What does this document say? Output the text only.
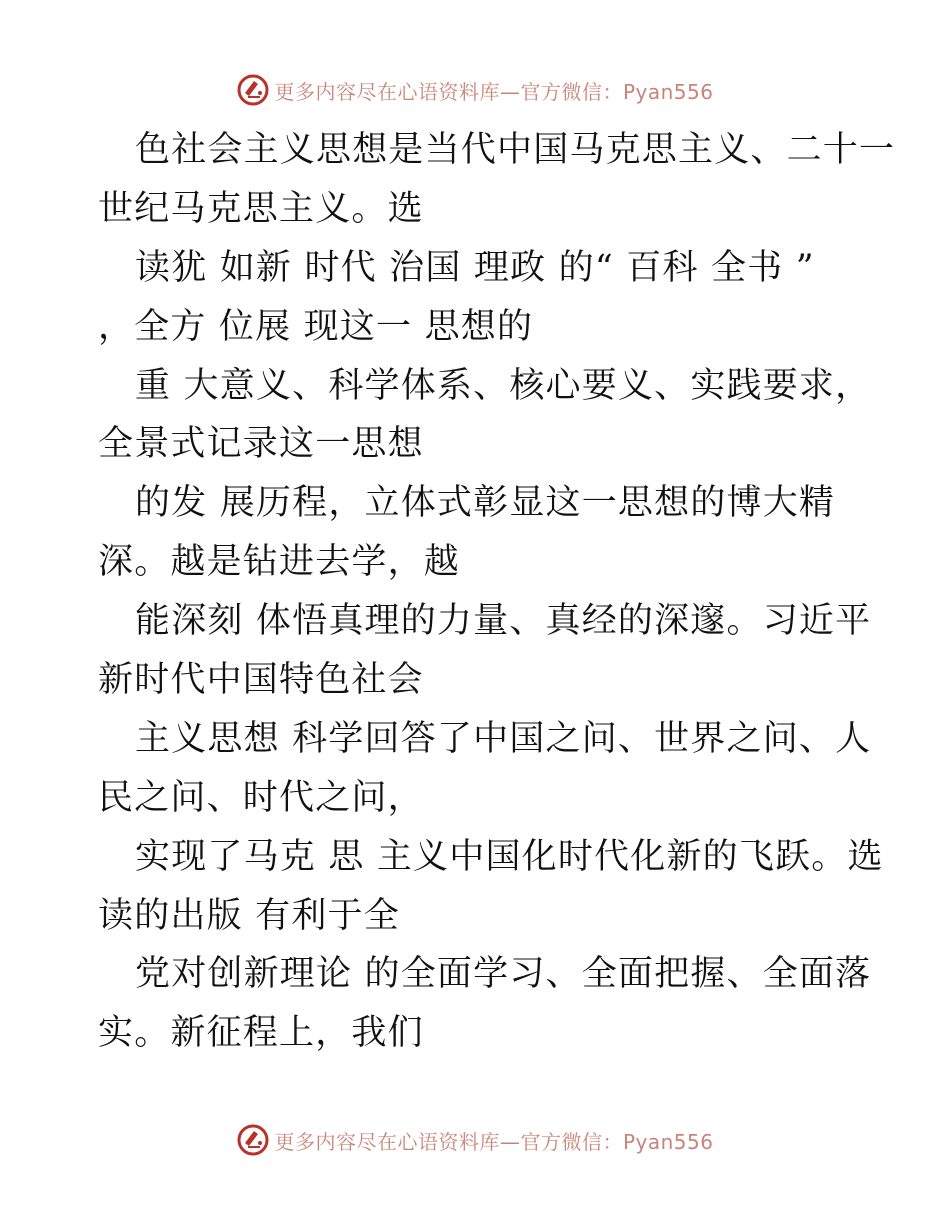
更多内容尽在心语资料库—官方微信：Pyan556
色社会主义思想是当代中国马克思主义、二十一
世纪马克思主义。选
读犹 如新 时代 治国 理政 的“ 百科 全书 ”
，全方 位展 现这一 思想的
重 大意义、科学体系、核心要义、实践要求，
全景式记录这一思想
的发 展历程，立体式彰显这一思想的博大精
深。越是钻进去学，越
能深刻 体悟真理的力量、真经的深邃。习近平
新时代中国特色社会
主义思想 科学回答了中国之问、世界之问、人
民之问、时代之问，
实现了马克 思 主义中国化时代化新的飞跃。选
读的出版 有利于全
党对创新理论 的全面学习、全面把握、全面落
实。新征程上，我们
更多内容尽在心语资料库—官方微信：Pyan556
